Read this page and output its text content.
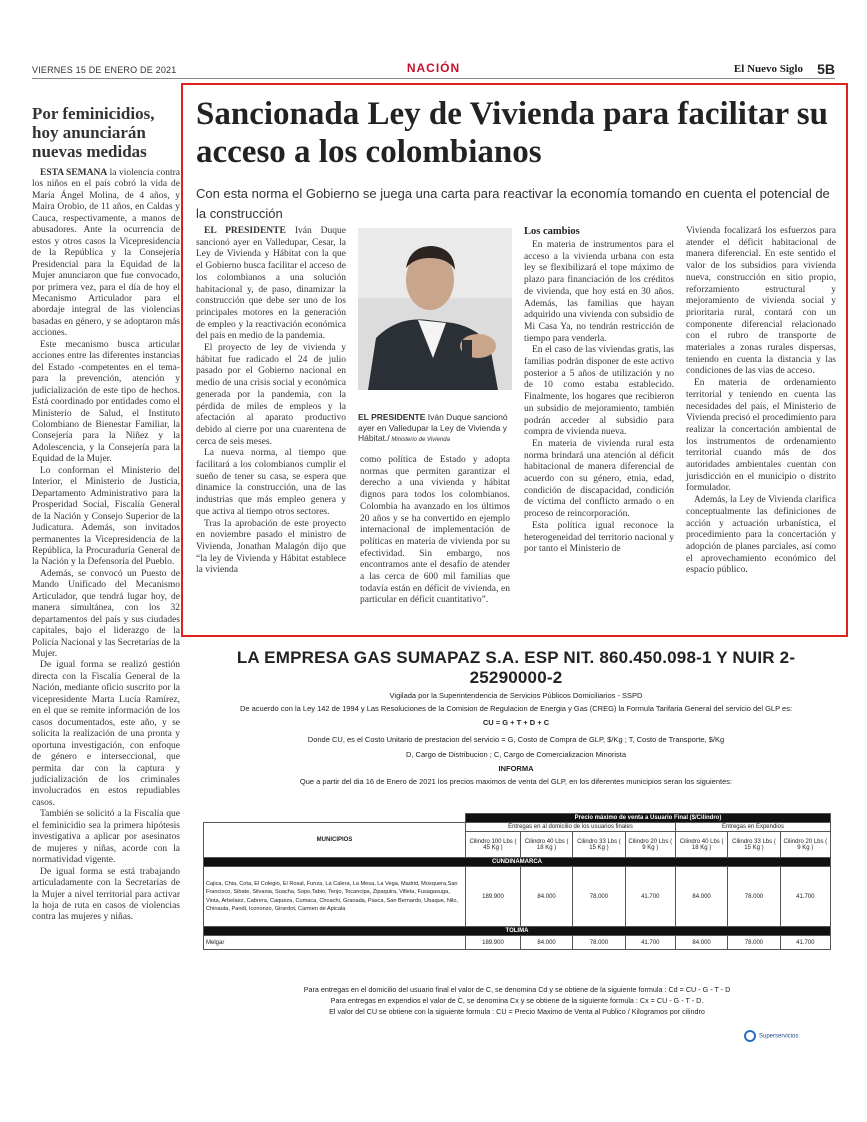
VIERNES 15 DE ENERO DE 2021	NACIÓN	El Nuevo Siglo 5B
Por feminicidios, hoy anunciarán nuevas medidas

ESTA SEMANA la violencia contra los niños en el país cobró la vida de María Ángel Molina, de 4 años, y Maira Orobio, de 11 años, en Caldas y Cauca, respectivamente, a manos de abusadores. Ante la ocurrencia de estos y otros casos la Vicepresidencia de la República y la Consejería Presidencial para la Equidad de la Mujer anunciaron que fue convocado, por primera vez, para el día de hoy el Mecanismo Articulador para el abordaje integral de las violencias basadas en género, y se adoptaron más acciones.

Este mecanismo busca articular acciones entre las diferentes instancias del Estado -competentes en el tema- para la prevención, atención y judicialización de este tipo de hechos. Está coordinado por entidades como el Ministerio de Salud, el Instituto Colombiano de Bienestar Familiar, la Consejería para la Niñez y la Adolescencia, y la Consejería para la Equidad de la Mujer.

Lo conforman el Ministerio del Interior, el Ministerio de Justicia, Departamento Administrativo para la Prosperidad Social, Fiscalía General de la Nación y Consejo Superior de la Judicatura. Además, son invitados permanentes la Vicepresidencia de la República, la Procuraduría General de la Nación y la Defensoría del Pueblo.

Además, se convocó un Puesto de Mando Unificado del Mecanismo Articulador, que tendrá lugar hoy, de manera simultánea, con los 32 departamentos del país y sus ciudades capitales, bajo el liderazgo de la Policía Nacional y las Secretarías de la Mujer.

De igual forma se realizó gestión directa con la Fiscalía General de la Nación, mediante oficio suscrito por la vicepresidente Marta Lucía Ramírez, en el que se remite información de los casos documentados, este año, y se solicita la realización de una pronta y oportuna investigación, con enfoque de género e interseccional, que permita dar con la captura y judicialización de los criminales involucrados en estos repudiables casos.

También se solicitó a la Fiscalía que el feminicidio sea la primera hipótesis investigativa a aplicar por asesinatos de mujeres y niñas, acorde con la normatividad vigente.

De igual forma se está trabajando articuladamente con la Secretarías de la Mujer a nivel territorial para activar la hoja de ruta en casos de violencias contra las mujeres y niñas.

Sancionada Ley de Vivienda para facilitar su acceso a los colombianos
Con esta norma el Gobierno se juega una carta para reactivar la economía tomando en cuenta el potencial de la construcción

EL PRESIDENTE Iván Duque sancionó ayer en Valledupar, Cesar, la Ley de Vivienda y Hábitat con la que el Gobierno busca facilitar el acceso de los colombianos a una solución habitacional y, de paso, dinamizar la construcción que debe ser uno de los principales motores en la generación de empleo y la reactivación económica del país en medio de la pandemia.

El proyecto de ley de vivienda y hábitat fue radicado el 24 de julio pasado por el Gobierno nacional en medio de una crisis social y económica generada por la pandemia, con la pérdida de miles de empleos y la afectación al aparato productivo debido al cierre por una cuarentena de cerca de seis meses.

La nueva norma, al tiempo que facilitará a los colombianos cumplir el sueño de tener su casa, se espera que dinamice la construcción, una de las industrias que más empleo genera y que activa al tiempo otros sectores.

Tras la aprobación de este proyecto en noviembre pasado el ministro de Vivienda, Jonathan Malagón dijo que “la ley de Vivienda y Hábitat establece la vivienda

EL PRESIDENTE Iván Duque sancionó ayer en Valledupar la Ley de Vivienda y Hábitat./ Ministerio de Vivienda

como política de Estado y adopta normas que permiten garantizar el derecho a una vivienda y hábitat dignos para todos los colombianos. Colombia ha avanzado en los últimos 20 años y se ha convertido en ejemplo internacional de implementación de políticas en materia de vivienda por su efectividad. Sin embargo, nos encontramos ante el desafío de atender a las cerca de 600 mil familias que todavía están en déficit de vivienda, en particular en déficit cuantitativo”.

Los cambios

En materia de instrumentos para el acceso a la vivienda urbana con esta ley se flexibilizará el tope máximo de plazo para financiación de los créditos de vivienda, que hoy está en 30 años. Además, las familias que hayan adquirido una vivienda con subsidio de Mi Casa Ya, no tendrán restricción de tiempo para venderla.

En el caso de las viviendas gratis, las familias podrán disponer de este activo posterior a 5 años de utilización y no de 10 como estaba establecido. Finalmente, los hogares que recibieron un subsidio de mejoramiento, también podrán acceder al subsidio para compra de vivienda nueva.

En materia de vivienda rural esta norma brindará una atención al déficit habitacional de manera diferencial de acuerdo con su género, etnia, edad, condición de discapacidad, condición de víctima del conflicto armado o en proceso de reincorporación.

Esta política igual reconoce la heterogeneidad del territorio nacional y por tanto el Ministerio de

Vivienda focalizará los esfuerzos para atender el déficit habitacional de manera diferencial. En este sentido el valor de los subsidios para vivienda nueva, construcción en sitio propio, reforzamiento estructural y mejoramiento de vivienda social y prioritaria rural, contará con un componente diferencial relacionado con el rubro de transporte de materiales a zonas rurales dispersas, teniendo en cuenta la distancia y las condiciones de las vías de acceso.

En materia de ordenamiento territorial y teniendo en cuenta las necesidades del país, el Ministerio de Vivienda precisó el procedimiento para realizar la concertación ambiental de los instrumentos de ordenamiento territorial cuando más de dos autoridades ambientales cuentan con jurisdicción en el municipio o distrito formulador.

Además, la Ley de Vivienda clarifica conceptualmente las definiciones de acción y actuación urbanística, el procedimiento para la concertación y adopción de planes parciales, así como el aprovechamiento económico del espacio público.

LA EMPRESA GAS SUMAPAZ S.A. ESP NIT. 860.450.098-1 Y NUIR 2-25290000-2
Vigilada por la Superintendencia de Servicios Públicos Domiciliarios - SSPD
De acuerdo con la Ley 142 de 1994 y Las Resoluciones de la Comision de Regulacion de Energia y Gas (CREG) la Formula Tarifaria General del servicio del GLP es:
CU = G + T + D + C
Donde CU, es el Costo Unitario de prestacion del servicio = G, Costo de Compra de GLP, $/Kg ; T, Costo de Transporte, $/Kg
D, Cargo de Distribucion ; C, Cargo de Comercializacion Minorista
INFORMA
Que a partir del dia 16 de Enero de 2021 los precios maximos de venta del GLP, en los diferentes municipios seran los siguientes:
	Precio máximo de venta a Usuario Final ($/Cilindro)						
MUNICIPIOS	Entregas en al domicilio de los usuarios finales				Entregas en Expendios		
	Cilindro 100 Lbs ( 45 Kg )	Cilindro 40 Lbs ( 18 Kg )	Cilindro 33 Lbs ( 15 Kg )	Cilindro 20 Lbs ( 9 Kg )	Cilindro 40 Lbs ( 18 Kg )	Cilindro 33 Lbs ( 15 Kg )	Cilindro 20 Lbs ( 9 Kg )
CUNDINAMARCA							
Cajica, Chia, Cota, El Colegio, El Rosal, Funza, La Calera, La Mesa, La Vega, Madrid, Mosquera,San Francisco, Sibate, Silvania, Soacha, Sopo,Tabio, Tenjo, Tocancipa, Zipaquira, Villeta, Fusagasuga, Viota, Arbelaez, Cabrera, Caqueza, Cumaca, Choachi, Granada, Pasca, San Bernardo, Ubaque, Nilo, Chinauta, Pandi, Icononzo, Girardot, Carmen de Apicala	189.900	84.000	78.000	41.700	84.000	78.000	41.700
TOLIMA							
Melgar	189.900	84.000	78.000	41.700	84.000	78.000	41.700
Para entregas en el domicilio del usuario final el valor de C, se denomina Cd y se obtiene de la siguiente formula : Cd = CU - G - T - D
Para entregas en expendios el valor de C, se denomina Cx y se obtiene de la siguiente formula : Cx = CU - G - T - D.
El valor del CU se obtiene con la siguiente formula : CU = Precio Maximo de Venta al Publico / Kilogramos por cilindro
Superservicios
